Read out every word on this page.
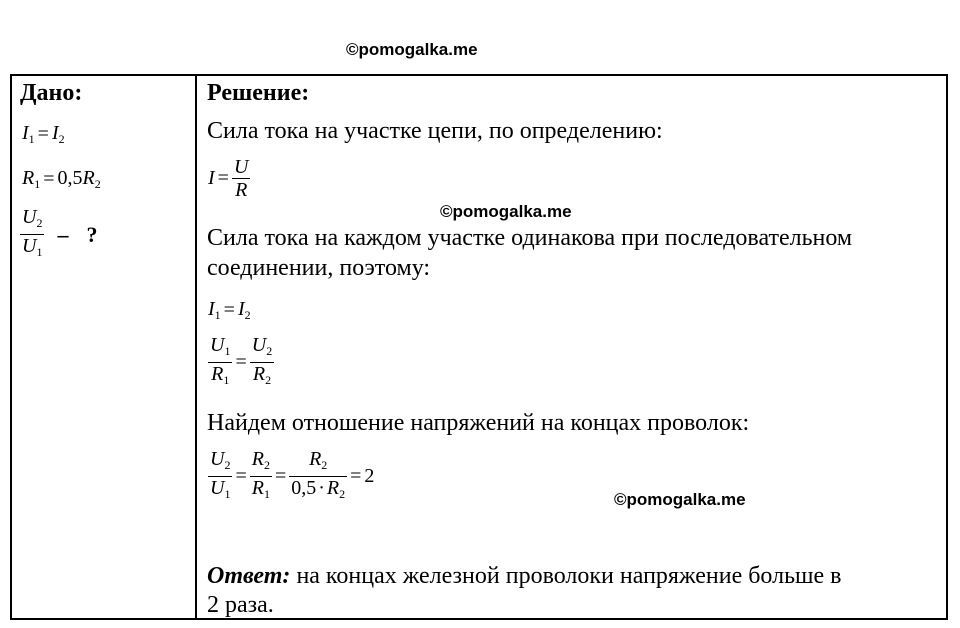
©pomogalka.me
Дано:
$I_1 = I_2$
$R_1 = 0,5R_2$
$\frac{U_2}{U_1}$ – ?
Решение:
Сила тока на участке цепи, по определению:
$I = \frac{U}{R}$
©pomogalka.me
Сила тока на каждом участке одинакова при последовательном
соединении, поэтому:
$I_1 = I_2$
$\frac{U_1}{R_1} = \frac{U_2}{R_2}$
Найдем отношение напряжений на концах проволок:
$\frac{U_2}{U_1} = \frac{R_2}{R_1} = \frac{R_2}{0,5 \cdot R_2} = 2$
©pomogalka.me
Ответ: на концах железной проволоки напряжение больше в
2 раза.
